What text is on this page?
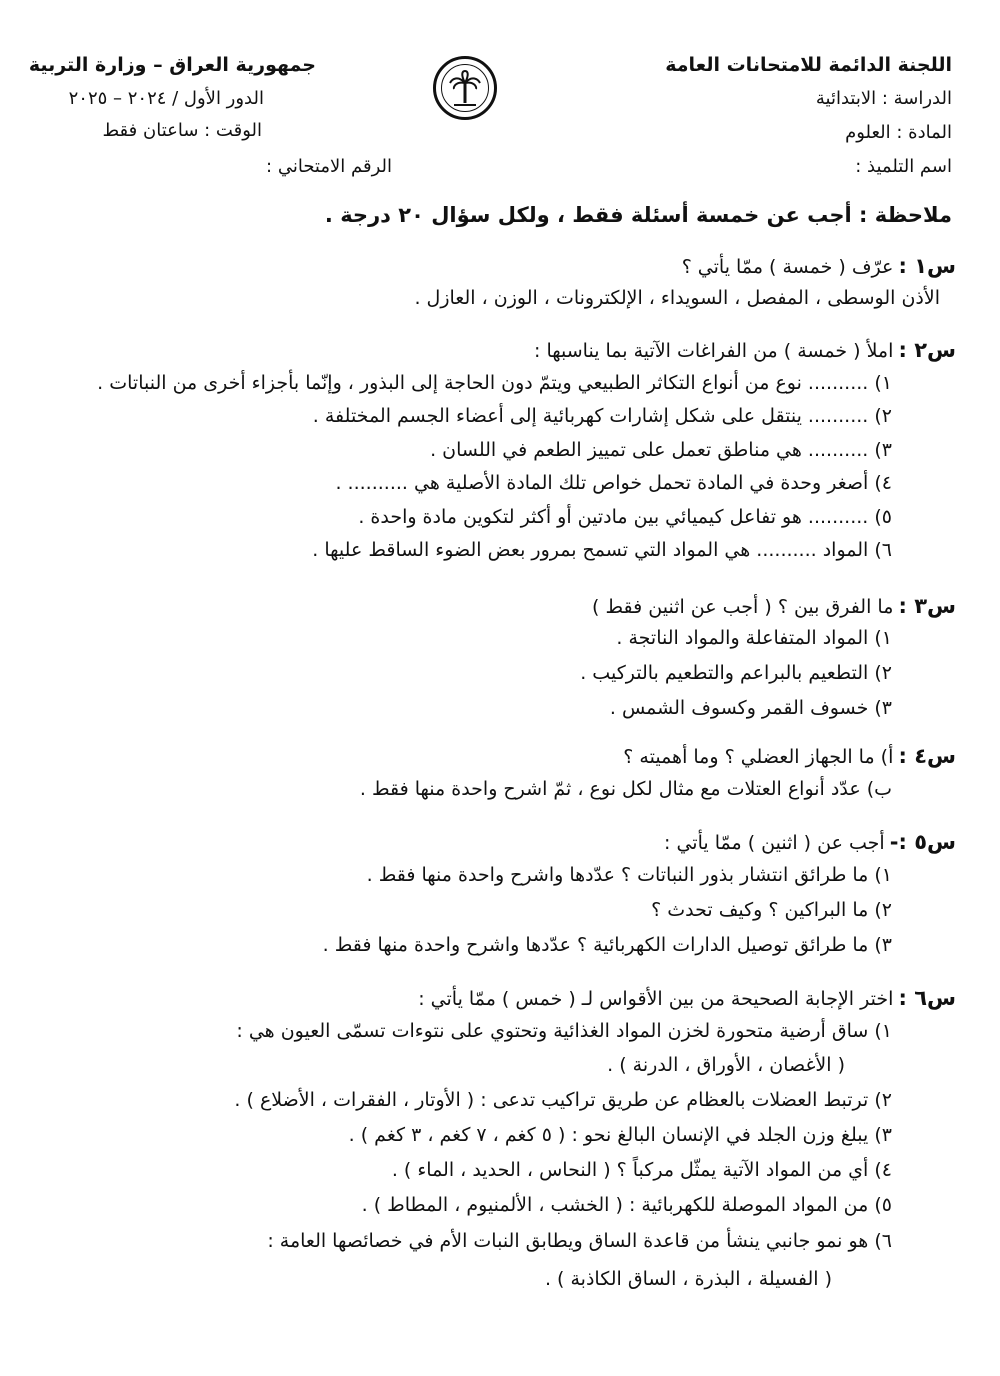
اللجنة الدائمة للامتحانات العامة
الدراسة : الابتدائية
المادة : العلوم
اسم التلميذ :
جمهورية العراق – وزارة التربية
الدور الأول / ٢٠٢٤ – ٢٠٢٥
الوقت : ساعتان فقط
الرقم الامتحاني :
ملاحظة : أجب عن خمسة أسئلة فقط ، ولكل سؤال ٢٠ درجة .
س١ : عرّف ( خمسة ) ممّا يأتي ؟
الأذن الوسطى ، المفصل ، السويداء ، الإلكترونات ، الوزن ، العازل .
س٢ : املأ ( خمسة ) من الفراغات الآتية بما يناسبها :
١) .......... نوع من أنواع التكاثر الطبيعي ويتمّ دون الحاجة إلى البذور ، وإنّما بأجزاء أخرى من النباتات .
٢) .......... ينتقل على شكل إشارات كهربائية إلى أعضاء الجسم المختلفة .
٣) .......... هي مناطق تعمل على تمييز الطعم في اللسان .
٤) أصغر وحدة في المادة تحمل خواص تلك المادة الأصلية هي .......... .
٥) .......... هو تفاعل كيميائي بين مادتين أو أكثر لتكوين مادة واحدة .
٦) المواد .......... هي المواد التي تسمح بمرور بعض الضوء الساقط عليها .
س٣ : ما الفرق بين ؟ ( أجب عن اثنين فقط )
١) المواد المتفاعلة والمواد الناتجة .
٢) التطعيم بالبراعم والتطعيم بالتركيب .
٣) خسوف القمر وكسوف الشمس .
س٤ : أ) ما الجهاز العضلي ؟ وما أهميته ؟
ب) عدّد أنواع العتلات مع مثال لكل نوع ، ثمّ اشرح واحدة منها فقط .
س٥ :- أجب عن ( اثنين ) ممّا يأتي :
١) ما طرائق انتشار بذور النباتات ؟ عدّدها واشرح واحدة منها فقط .
٢) ما البراكين ؟ وكيف تحدث ؟
٣) ما طرائق توصيل الدارات الكهربائية ؟ عدّدها واشرح واحدة منها فقط .
س٦ : اختر الإجابة الصحيحة من بين الأقواس لـ ( خمس ) ممّا يأتي :
١) ساق أرضية متحورة لخزن المواد الغذائية وتحتوي على نتوءات تسمّى العيون هي :
( الأغصان ، الأوراق ، الدرنة ) .
٢) ترتبط العضلات بالعظام عن طريق تراكيب تدعى : ( الأوتار ، الفقرات ، الأضلاع ) .
٣) يبلغ وزن الجلد في الإنسان البالغ نحو : ( ٥ كغم ، ٧ كغم ، ٣ كغم ) .
٤) أي من المواد الآتية يمثّل مركباً ؟ ( النحاس ، الحديد ، الماء ) .
٥) من المواد الموصلة للكهربائية : ( الخشب ، الألمنيوم ، المطاط ) .
٦) هو نمو جانبي ينشأ من قاعدة الساق ويطابق النبات الأم في خصائصها العامة :
( الفسيلة ، البذرة ، الساق الكاذبة ) .
